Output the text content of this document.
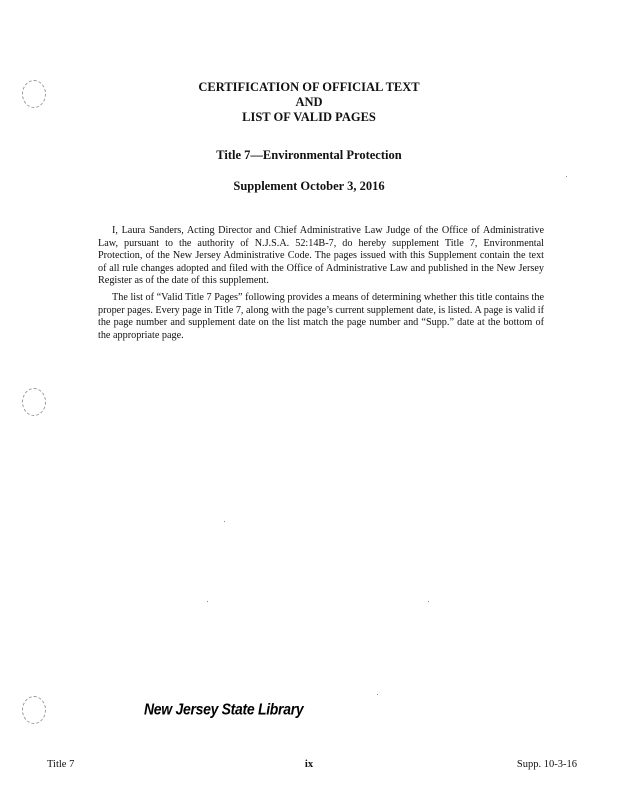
CERTIFICATION OF OFFICIAL TEXT
AND
LIST OF VALID PAGES
Title 7—Environmental Protection
Supplement October 3, 2016

I, Laura Sanders, Acting Director and Chief Administrative Law Judge of the Office of Administrative Law, pursuant to the authority of N.J.S.A. 52:14B-7, do hereby supplement Title 7, Environmental Protection, of the New Jersey Administrative Code. The pages issued with this Supplement contain the text of all rule changes adopted and filed with the Office of Administrative Law and published in the New Jersey Register as of the date of this supplement.

The list of “Valid Title 7 Pages” following provides a means of determining whether this title contains the proper pages. Every page in Title 7, along with the page’s current supplement date, is listed. A page is valid if the page number and supplement date on the list match the page number and “Supp.” date at the bottom of the appropriate page.

New Jersey State Library
Title 7	ix	Supp. 10-3-16
